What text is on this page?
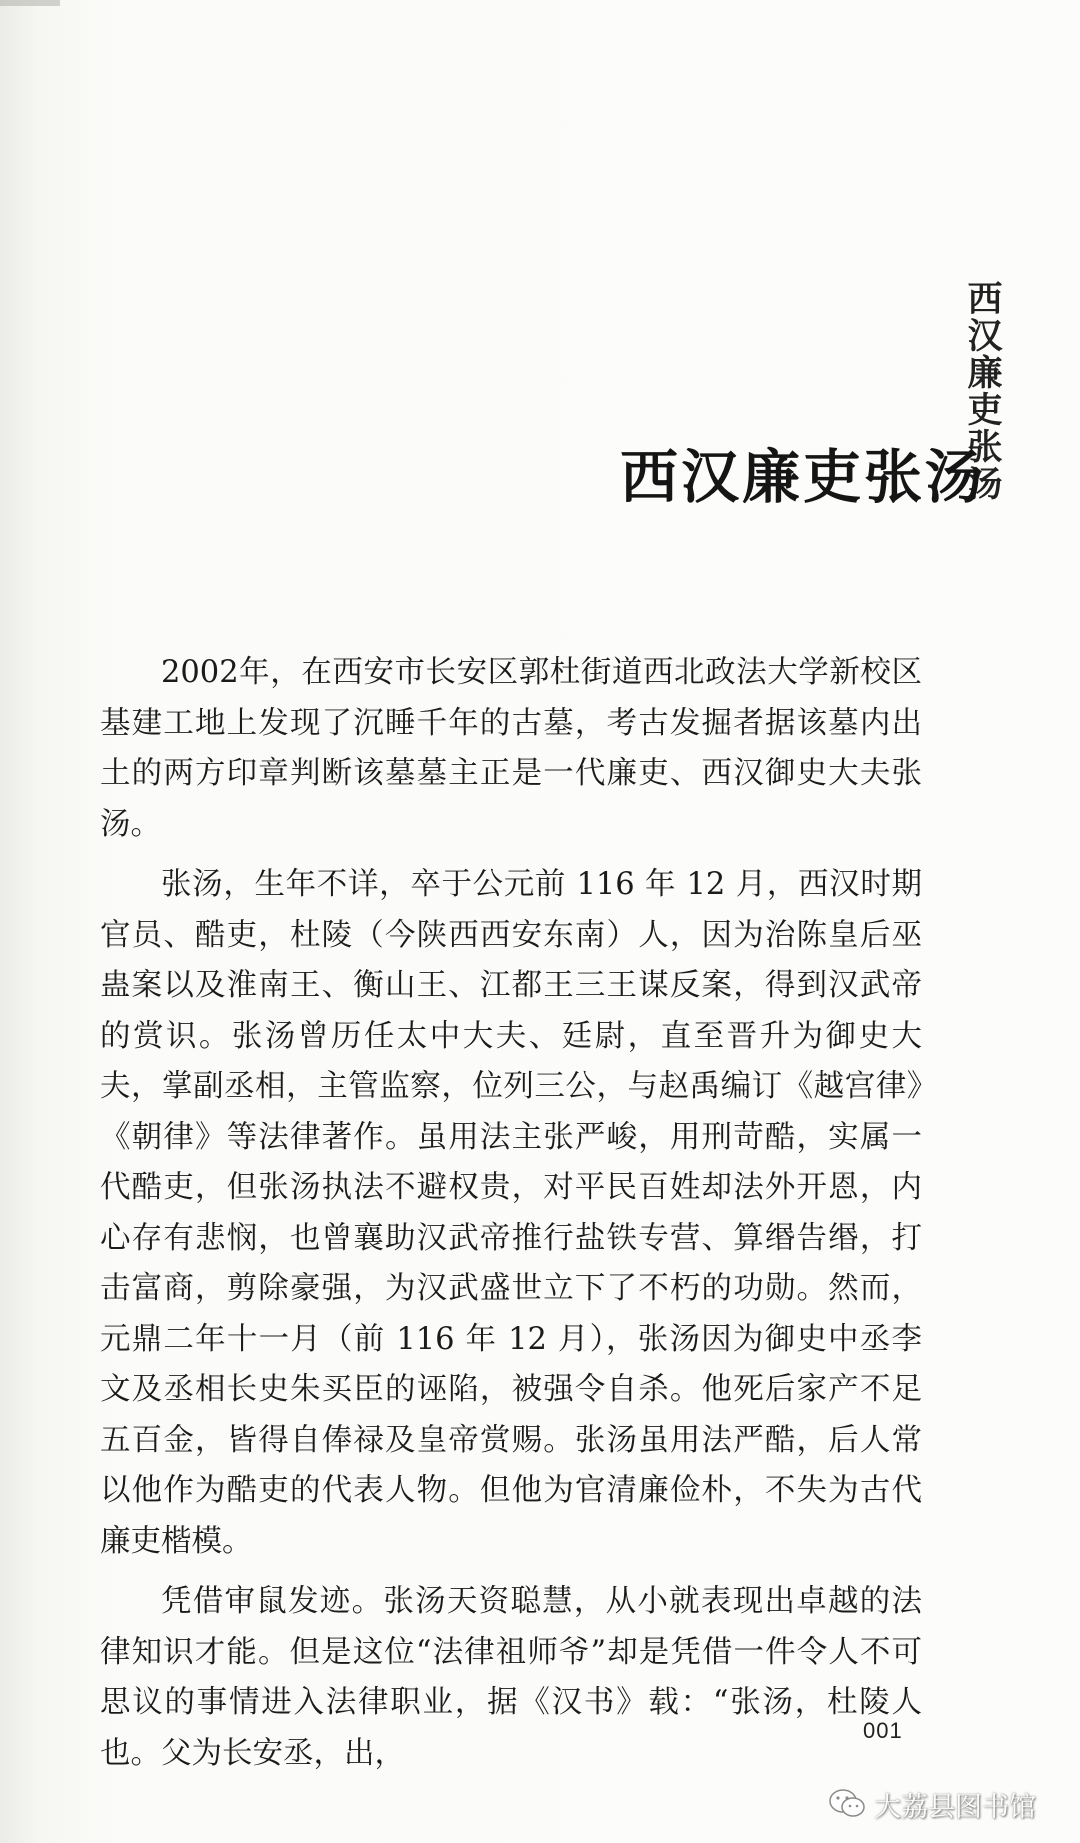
西汉廉吏张汤
西汉廉吏张汤

2002年，在西安市长安区郭杜街道西北政法大学新校区基建工地上发现了沉睡千年的古墓，考古发掘者据该墓内出土的两方印章判断该墓墓主正是一代廉吏、西汉御史大夫张汤。

张汤，生年不详，卒于公元前 116 年 12 月，西汉时期官员、酷吏，杜陵（今陕西西安东南）人，因为治陈皇后巫蛊案以及淮南王、衡山王、江都王三王谋反案，得到汉武帝的赏识。张汤曾历任太中大夫、廷尉，直至晋升为御史大夫，掌副丞相，主管监察，位列三公，与赵禹编订《越宫律》《朝律》等法律著作。虽用法主张严峻，用刑苛酷，实属一代酷吏，但张汤执法不避权贵，对平民百姓却法外开恩，内心存有悲悯，也曾襄助汉武帝推行盐铁专营、算缗告缗，打击富商，剪除豪强，为汉武盛世立下了不朽的功勋。然而，元鼎二年十一月（前 116 年 12 月），张汤因为御史中丞李文及丞相长史朱买臣的诬陷，被强令自杀。他死后家产不足五百金，皆得自俸禄及皇帝赏赐。张汤虽用法严酷，后人常以他作为酷吏的代表人物。但他为官清廉俭朴，不失为古代廉吏楷模。

凭借审鼠发迹。张汤天资聪慧，从小就表现出卓越的法律知识才能。但是这位“法律祖师爷”却是凭借一件令人不可思议的事情进入法律职业，据《汉书》载：“张汤，杜陵人也。父为长安丞，出，

001
大荔县图书馆
